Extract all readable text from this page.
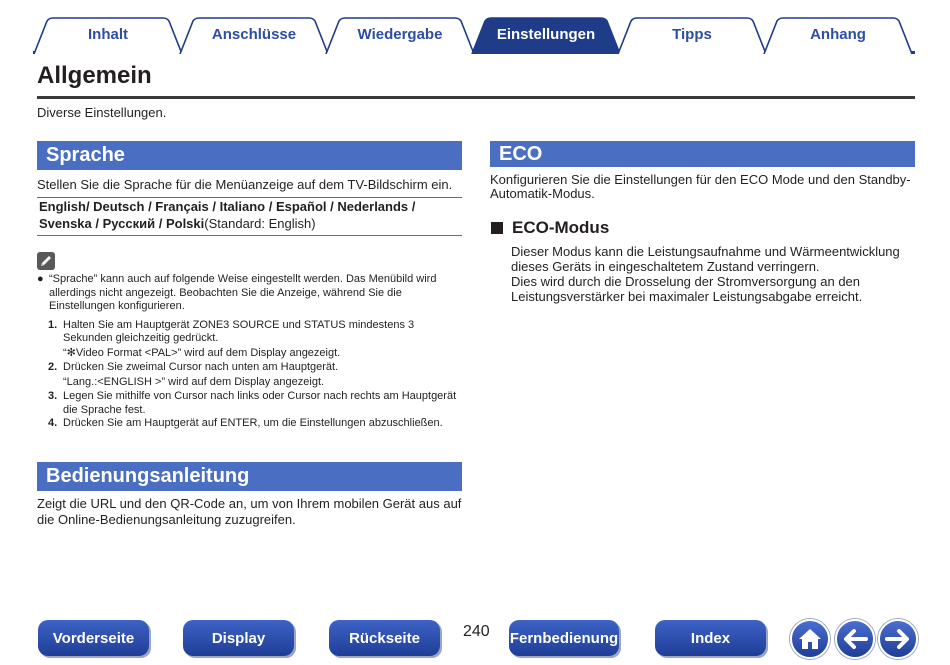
Inhalt	Anschlüsse	Wiedergabe	Einstellungen	Tipps	Anhang
Allgemein
Diverse Einstellungen.
Sprache
Stellen Sie die Sprache für die Menüanzeige auf dem TV-Bildschirm ein.
English/ Deutsch / Français / Italiano / Español / Nederlands /
Svenska / Русский / Polski(Standard: English)
● “Sprache” kann auch auf folgende Weise eingestellt werden. Das Menübild wird allerdings nicht angezeigt. Beobachten Sie die Anzeige, während Sie die Einstellungen konfigurieren.
1. Halten Sie am Hauptgerät ZONE3 SOURCE und STATUS mindestens 3 Sekunden gleichzeitig gedrückt.
“✻Video Format <PAL>” wird auf dem Display angezeigt.
2. Drücken Sie zweimal Cursor nach unten am Hauptgerät.
“Lang.:<ENGLISH >” wird auf dem Display angezeigt.
3. Legen Sie mithilfe von Cursor nach links oder Cursor nach rechts am Hauptgerät die Sprache fest.
4. Drücken Sie am Hauptgerät auf ENTER, um die Einstellungen abzuschließen.
Bedienungsanleitung
Zeigt die URL und den QR-Code an, um von Ihrem mobilen Gerät aus auf die Online-Bedienungsanleitung zuzugreifen.
ECO
Konfigurieren Sie die Einstellungen für den ECO Mode und den Standby-Automatik-Modus.
ECO-Modus
Dieser Modus kann die Leistungsaufnahme und Wärmeentwicklung dieses Geräts in eingeschaltetem Zustand verringern.
Dies wird durch die Drosselung der Stromversorgung an den Leistungsverstärker bei maximaler Leistungsabgabe erreicht.
Vorderseite	Display	Rückseite	240 Fernbedienung	Index
